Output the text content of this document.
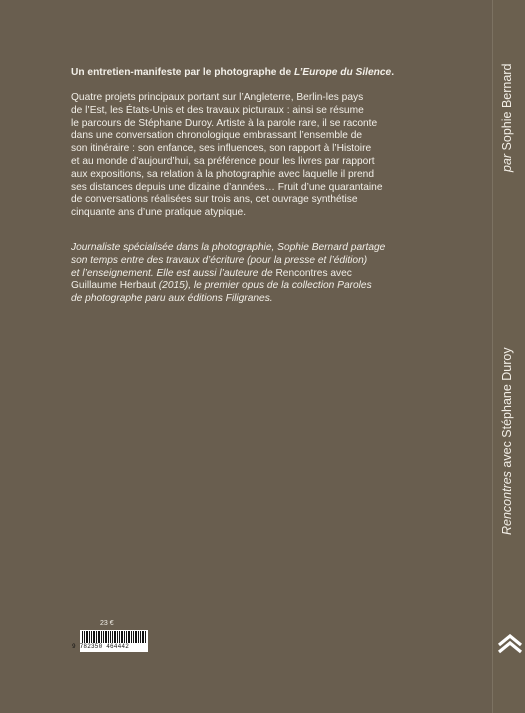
Un entretien-manifeste par le photographe de L’Europe du Silence.

Quatre projets principaux portant sur l’Angleterre, Berlin-les pays

de l’Est, les États-Unis et des travaux picturaux : ainsi se résume

le parcours de Stéphane Duroy. Artiste à la parole rare, il se raconte

dans une conversation chronologique embrassant l’ensemble de

son itinéraire : son enfance, ses influences, son rapport à l’Histoire

et au monde d’aujourd’hui, sa préférence pour les livres par rapport

aux expositions, sa relation à la photographie avec laquelle il prend

ses distances depuis une dizaine d’années… Fruit d’une quarantaine

de conversations réalisées sur trois ans, cet ouvrage synthétise

cinquante ans d’une pratique atypique.

Journaliste spécialisée dans la photographie, Sophie Bernard partage

son temps entre des travaux d’écriture (pour la presse et l’édition)

et l’enseignement. Elle est aussi l’auteure de Rencontres avec

Guillaume Herbaut (2015), le premier opus de la collection Paroles

de photographe paru aux éditions Filigranes.

23 €
9 782350 464442
par Sophie Bernard
Rencontres avec Stéphane Duroy
